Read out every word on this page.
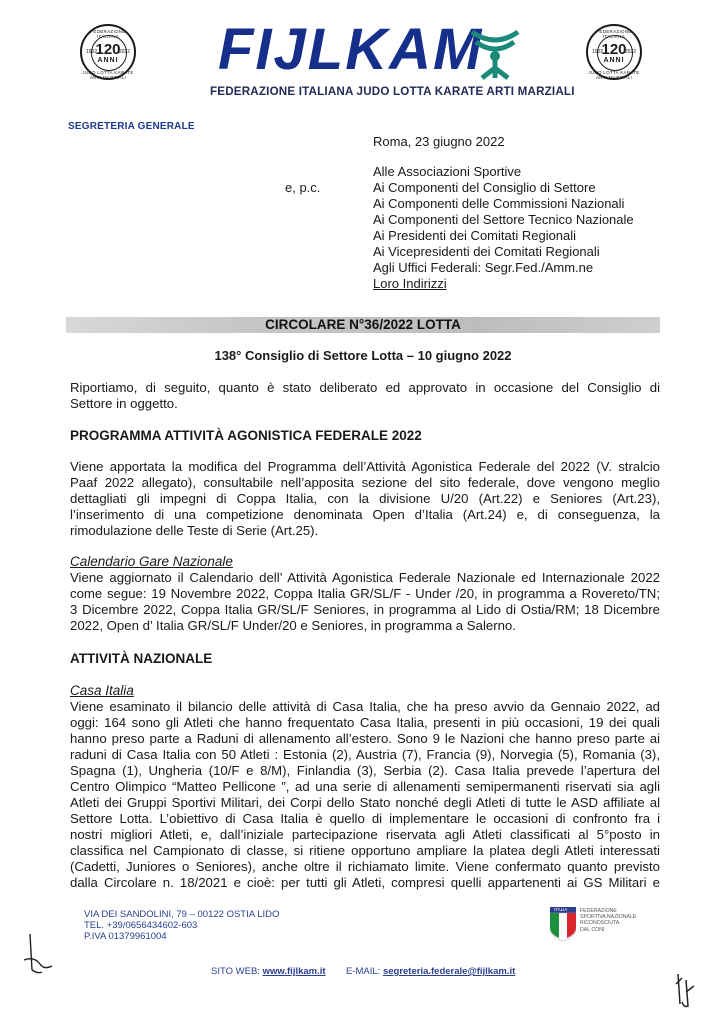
FEDERAZIONE ITALIANA
1902	2022
120
ANNI
JUDO LOTTA KARATE ARTI MARZIALI
FEDERAZIONE ITALIANA
1902	2022
120
ANNI
JUDO LOTTA KARATE ARTI MARZIALI
FIJLKAM
FEDERAZIONE ITALIANA JUDO LOTTA KARATE ARTI MARZIALI
SEGRETERIA GENERALE
Roma, 23 giugno 2022
e, p.c.
Alle Associazioni Sportive
Ai Componenti del Consiglio di Settore
Ai Componenti delle Commissioni Nazionali
Ai Componenti del Settore Tecnico Nazionale
Ai Presidenti dei Comitati Regionali
Ai Vicepresidenti dei Comitati Regionali
Agli Uffici Federali: Segr.Fed./Amm.ne
Loro Indirizzi
CIRCOLARE N°36/2022 LOTTA
138° Consiglio di Settore Lotta – 10 giugno 2022
Riportiamo, di seguito, quanto è stato deliberato ed approvato in occasione del Consiglio di
Settore in oggetto.
PROGRAMMA ATTIVITÀ AGONISTICA FEDERALE 2022
Viene apportata la modifica del Programma dell’Attività Agonistica Federale del 2022 (V. stralcio
Paaf 2022 allegato), consultabile nell’apposita sezione del sito federale, dove vengono meglio
dettagliati gli impegni di Coppa Italia, con la divisione U/20 (Art.22) e Seniores (Art.23),
l’inserimento di una competizione denominata Open d’Italia (Art.24) e, di conseguenza, la
rimodulazione delle Teste di Serie (Art.25).
Calendario Gare Nazionale
Viene aggiornato il Calendario dell’ Attività Agonistica Federale Nazionale ed Internazionale 2022
come segue: 19 Novembre 2022, Coppa Italia GR/SL/F - Under /20, in programma a Rovereto/TN;
3 Dicembre 2022, Coppa Italia GR/SL/F Seniores, in programma al Lido di Ostia/RM; 18 Dicembre
2022, Open d’ Italia GR/SL/F Under/20 e Seniores, in programma a Salerno.
ATTIVITÀ NAZIONALE
Casa Italia
Viene esaminato il bilancio delle attività di Casa Italia, che ha preso avvio da Gennaio 2022, ad
oggi: 164 sono gli Atleti che hanno frequentato Casa Italia, presenti in più occasioni, 19 dei quali
hanno preso parte a Raduni di allenamento all’estero. Sono 9 le Nazioni che hanno preso parte ai
raduni di Casa Italia con 50 Atleti : Estonia (2), Austria (7), Francia (9), Norvegia (5), Romania (3),
Spagna (1), Ungheria (10/F e 8/M), Finlandia (3), Serbia (2). Casa Italia prevede l’apertura del
Centro Olimpico “Matteo Pellicone ”, ad una serie di allenamenti semipermanenti riservati sia agli
Atleti dei Gruppi Sportivi Militari, dei Corpi dello Stato nonché degli Atleti di tutte le ASD affiliate al
Settore Lotta. L’obiettivo di Casa Italia è quello di implementare le occasioni di confronto fra i
nostri migliori Atleti, e, dall’iniziale partecipazione riservata agli Atleti classificati al 5°posto in
classifica nel Campionato di classe, si ritiene opportuno ampliare la platea degli Atleti interessati
(Cadetti, Juniores o Seniores), anche oltre il richiamato limite. Viene confermato quanto previsto
dalla Circolare n. 18/2021 e cioè: per tutti gli Atleti, compresi quelli appartenenti ai GS Militari e
VIA DEI SANDOLINI, 79 – 00122 OSTIA LIDO
TEL. +39/0656434602-603
P.IVA 01379961004
ITALIA FEDERAZIONE
SPORTIVA NAZIONALE
RICONOSCIUTA
DAL CONI
SITO WEB: www.fijlkam.it E-MAIL: segreteria.federale@fijlkam.it
